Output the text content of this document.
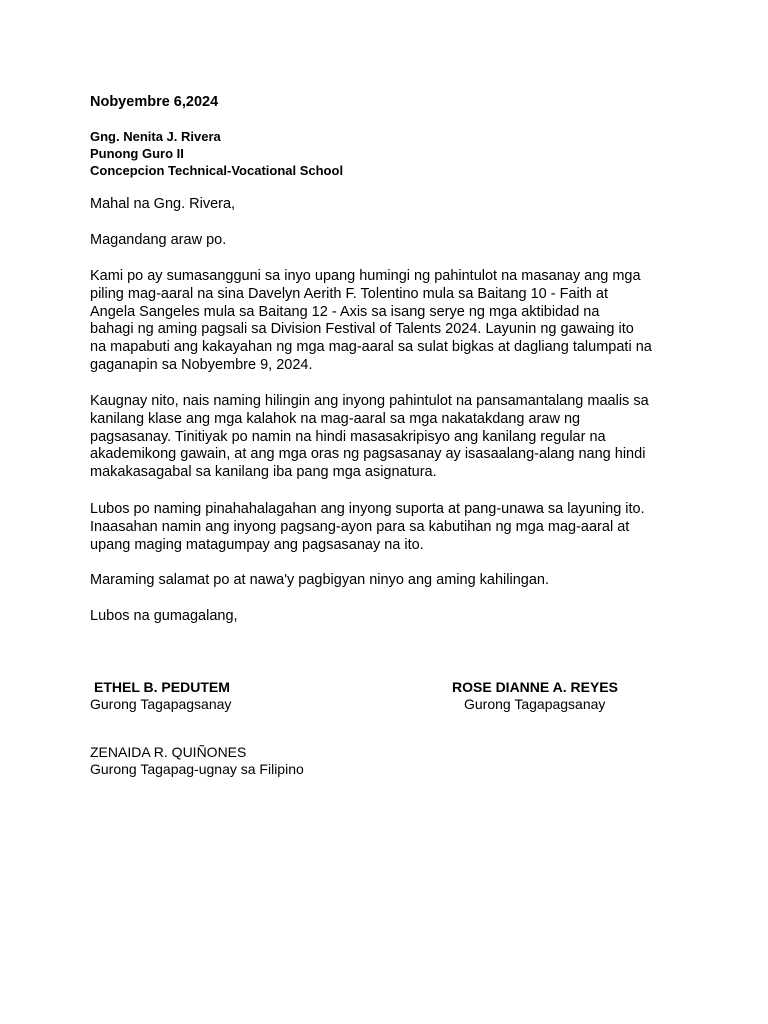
Nobyembre 6,2024
Gng. Nenita J. Rivera
Punong Guro II
Concepcion Technical-Vocational School
Mahal na Gng. Rivera,
Magandang araw po.
Kami po ay sumasangguni sa inyo upang humingi ng pahintulot na masanay ang mga
piling mag-aaral na sina Davelyn Aerith F. Tolentino mula sa Baitang 10 - Faith at
Angela Sangeles mula sa Baitang 12 - Axis sa isang serye ng mga aktibidad na
bahagi ng aming pagsali sa Division Festival of Talents 2024. Layunin ng gawaing ito
na mapabuti ang kakayahan ng mga mag-aaral sa sulat bigkas at dagliang talumpati na
gaganapin sa Nobyembre 9, 2024.
Kaugnay nito, nais naming hilingin ang inyong pahintulot na pansamantalang maalis sa
kanilang klase ang mga kalahok na mag-aaral sa mga nakatakdang araw ng
pagsasanay. Tinitiyak po namin na hindi masasakripisyo ang kanilang regular na
akademikong gawain, at ang mga oras ng pagsasanay ay isasaalang-alang nang hindi
makakasagabal sa kanilang iba pang mga asignatura.
Lubos po naming pinahahalagahan ang inyong suporta at pang-unawa sa layuning ito.
Inaasahan namin ang inyong pagsang-ayon para sa kabutihan ng mga mag-aaral at
upang maging matagumpay ang pagsasanay na ito.
Maraming salamat po at nawa'y pagbigyan ninyo ang aming kahilingan.
Lubos na gumagalang,
ETHEL B. PEDUTEM
Gurong Tagapagsanay
ROSE DIANNE A. REYES
Gurong Tagapagsanay
ZENAIDA R. QUIÑONES
Gurong Tagapag-ugnay sa Filipino
